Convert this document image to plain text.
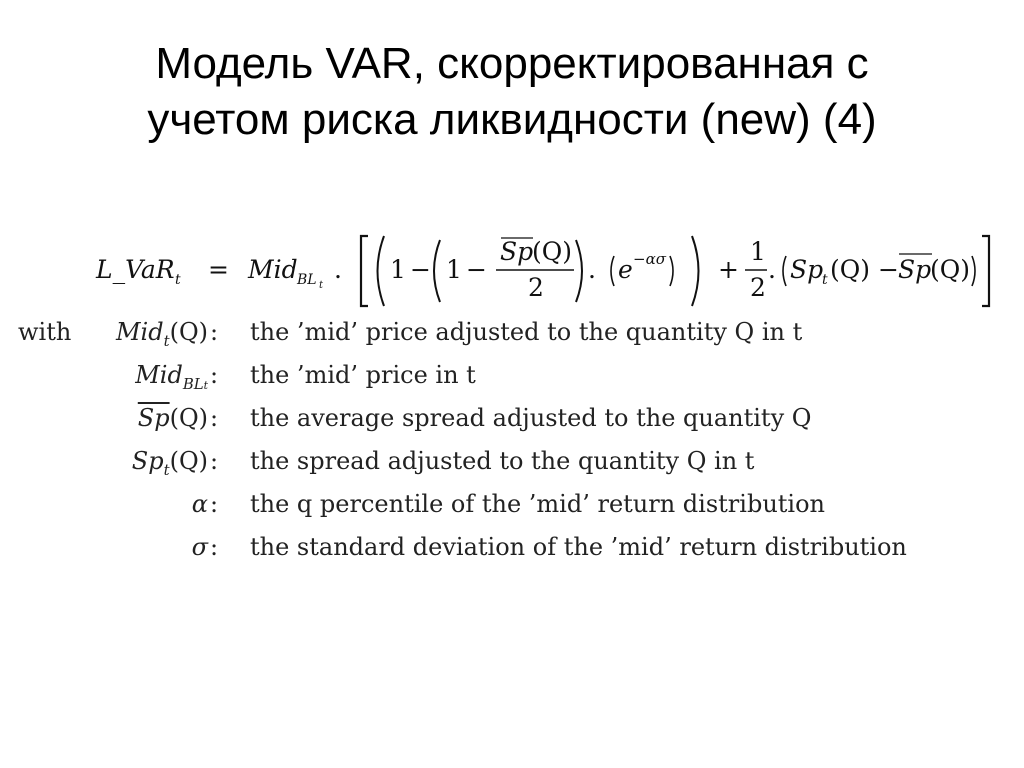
Модель VAR, скорректированная с
учетом риска ликвидности (new) (4)
L_VaR t = Mid BL t
. 1 − 1 −
Sp
(Q)
2
. e −ασ +
1
2
. Sp
t (Q) − Sp
(Q)
with Mid$_t$(Q) : the ’mid’ price adjusted to the quantity Q in t
Mid$_{BLt}$ : the ’mid’ price in t
$\overline{Sp}(Q)$ : the average spread adjusted to the quantity Q
$Sp_t(Q)$ : the spread adjusted to the quantity Q in t
α : the q percentile of the ’mid’ return distribution
σ : the standard deviation of the ’mid’ return distribution
